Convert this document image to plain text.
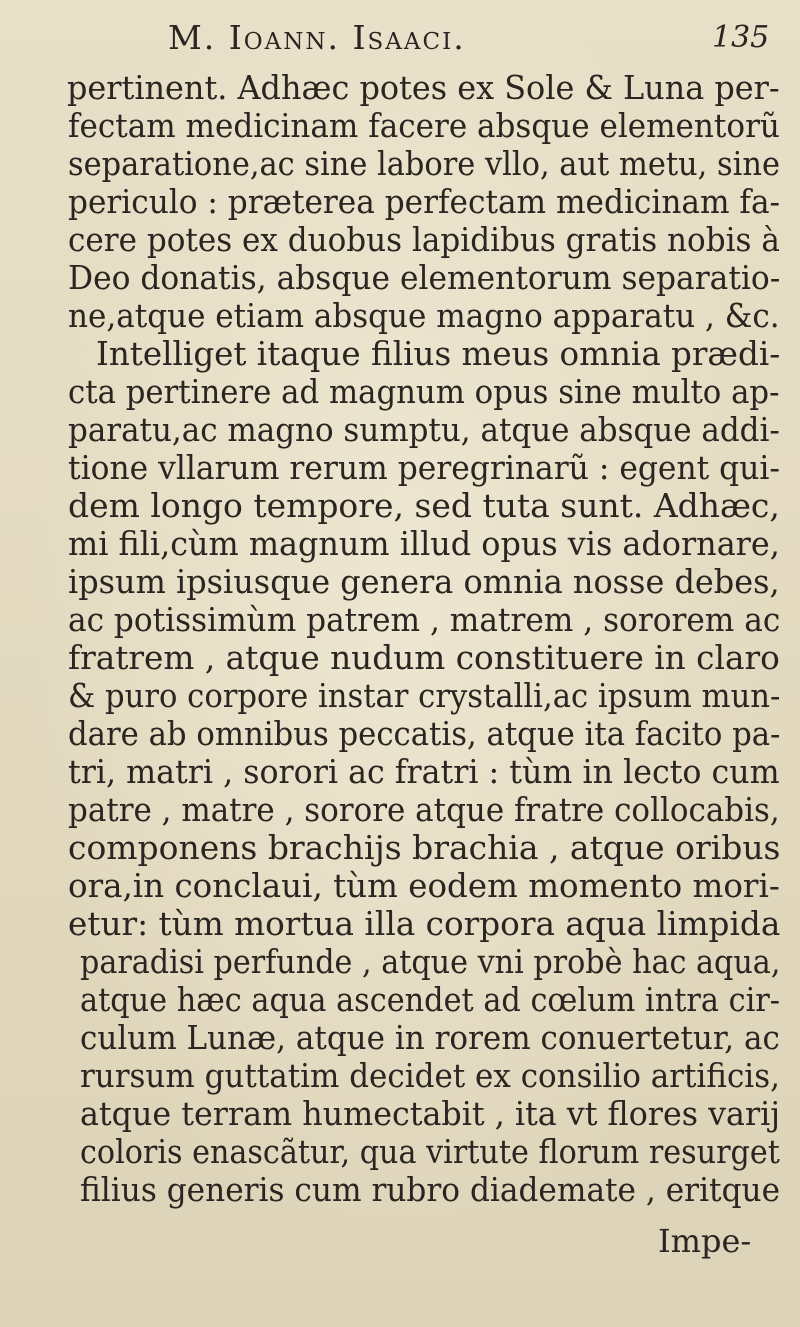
M. Ioann. Isaaci.	135
pertinent. Adhæc potes ex Sole & Luna per-
fectam medicinam facere absque elementorũ
separatione,ac sine labore vllo, aut metu, sine
periculo : præterea perfectam medicinam fa-
cere potes ex duobus lapidibus gratis nobis à
Deo donatis, absque elementorum separatio-
ne,atque etiam absque magno apparatu , &c.
Intelliget itaque filius meus omnia prædi-
cta pertinere ad magnum opus sine multo ap-
paratu,ac magno sumptu, atque absque addi-
tione vllarum rerum peregrinarũ : egent qui-
dem longo tempore, sed tuta sunt. Adhæc,
mi fili,cùm magnum illud opus vis adornare,
ipsum ipsiusque genera omnia nosse debes,
ac potissimùm patrem , matrem , sororem ac
fratrem , atque nudum constituere in claro
& puro corpore instar crystalli,ac ipsum mun-
dare ab omnibus peccatis, atque ita facito pa-
tri, matri , sorori ac fratri : tùm in lecto cum
patre , matre , sorore atque fratre collocabis,
componens brachijs brachia , atque oribus
ora,in conclaui, tùm eodem momento mori-
etur: tùm mortua illa corpora aqua limpida
paradisi perfunde , atque vni probè hac aqua,
atque hæc aqua ascendet ad cœlum intra cir-
culum Lunæ, atque in rorem conuertetur, ac
rursum guttatim decidet ex consilio artificis,
atque terram humectabit , ita vt flores varij
coloris enascãtur, qua virtute florum resurget
filius generis cum rubro diademate , eritque
Impe-
